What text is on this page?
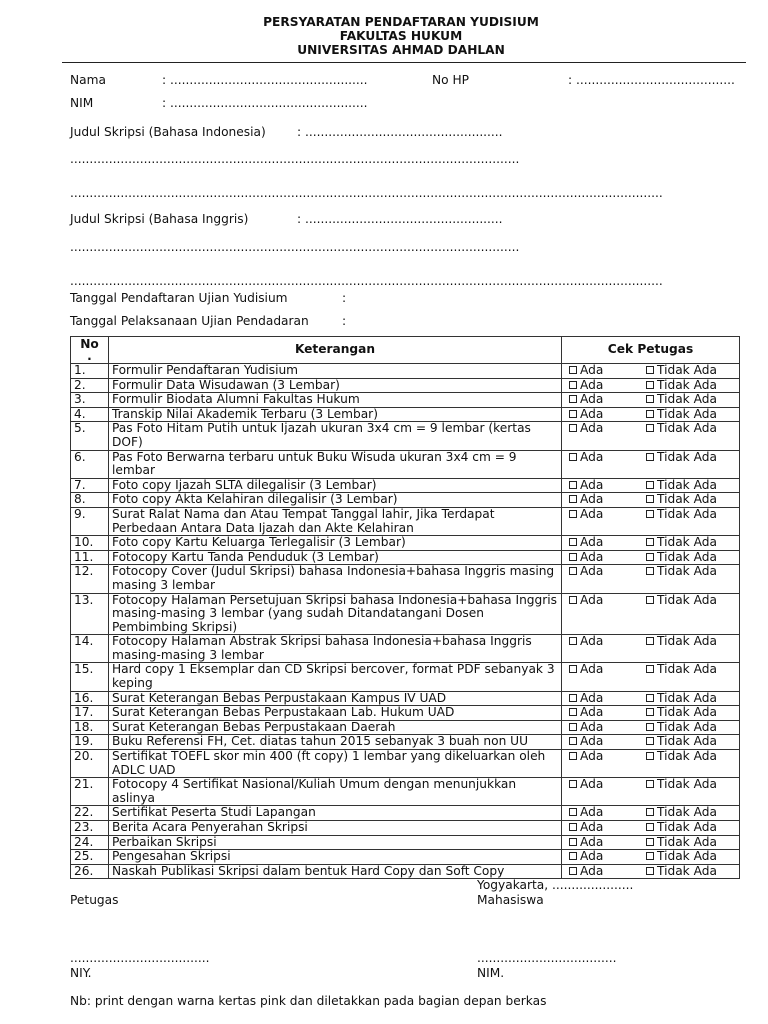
PERSYARATAN PENDAFTARAN YUDISIUM
FAKULTAS HUKUM
UNIVERSITAS AHMAD DAHLAN
Nama	: ...................................................	No HP	: .........................................
NIM	: ...................................................
Judul Skripsi (Bahasa Indonesia)	: ...................................................
....................................................................................................................
.........................................................................................................................................................
Judul Skripsi (Bahasa Inggris)	: ...................................................
....................................................................................................................
.........................................................................................................................................................
Tanggal Pendaftaran Ujian Yudisium	:
Tanggal Pelaksanaan Ujian Pendadaran	:
No
.	Keterangan	Cek Petugas
1.	Formulir Pendaftaran Yudisium	Ada Tidak Ada

2.	Formulir Data Wisudawan (3 Lembar)	Ada Tidak Ada

3.	Formulir Biodata Alumni Fakultas Hukum	Ada Tidak Ada

4.	Transkip Nilai Akademik Terbaru (3 Lembar)	Ada Tidak Ada

5.	Pas Foto Hitam Putih untuk Ijazah ukuran 3x4 cm = 9 lembar (kertas DOF)	Ada Tidak Ada

6.	Pas Foto Berwarna terbaru untuk Buku Wisuda ukuran 3x4 cm = 9 lembar	Ada Tidak Ada

7.	Foto copy Ijazah SLTA dilegalisir (3 Lembar)	Ada Tidak Ada

8.	Foto copy Akta Kelahiran dilegalisir (3 Lembar)	Ada Tidak Ada

9.	Surat Ralat Nama dan Atau Tempat Tanggal lahir, Jika Terdapat Perbedaan Antara Data Ijazah dan Akte Kelahiran	Ada Tidak Ada

10.	Foto copy Kartu Keluarga Terlegalisir (3 Lembar)	Ada Tidak Ada

11.	Fotocopy Kartu Tanda Penduduk (3 Lembar)	Ada Tidak Ada

12.	Fotocopy Cover (Judul Skripsi) bahasa Indonesia+bahasa Inggris masing masing 3 lembar	Ada Tidak Ada

13.	Fotocopy Halaman Persetujuan Skripsi bahasa Indonesia+bahasa Inggris masing-masing 3 lembar (yang sudah Ditandatangani Dosen Pembimbing Skripsi)	Ada Tidak Ada

14.	Fotocopy Halaman Abstrak Skripsi bahasa Indonesia+bahasa Inggris masing-masing 3 lembar	Ada Tidak Ada

15.	Hard copy 1 Eksemplar dan CD Skripsi bercover, format PDF sebanyak 3 keping	Ada Tidak Ada

16.	Surat Keterangan Bebas Perpustakaan Kampus IV UAD	Ada Tidak Ada

17.	Surat Keterangan Bebas Perpustakaan Lab. Hukum UAD	Ada Tidak Ada

18.	Surat Keterangan Bebas Perpustakaan Daerah	Ada Tidak Ada

19.	Buku Referensi FH, Cet. diatas tahun 2015 sebanyak 3 buah non UU	Ada Tidak Ada

20.	Sertifikat TOEFL skor min 400 (ft copy) 1 lembar yang dikeluarkan oleh ADLC UAD	Ada Tidak Ada

21.	Fotocopy 4 Sertifikat Nasional/Kuliah Umum dengan menunjukkan aslinya	Ada Tidak Ada

22.	Sertifikat Peserta Studi Lapangan	Ada Tidak Ada

23.	Berita Acara Penyerahan Skripsi	Ada Tidak Ada

24.	Perbaikan Skripsi	Ada Tidak Ada

25.	Pengesahan Skripsi	Ada Tidak Ada

26.	Naskah Publikasi Skripsi dalam bentuk Hard Copy dan Soft Copy	Ada Tidak Ada
Yogyakarta, .....................
Petugas	Mahasiswa
....................................	....................................
NIY.	NIM.
Nb: print dengan warna kertas pink dan diletakkan pada bagian depan berkas
